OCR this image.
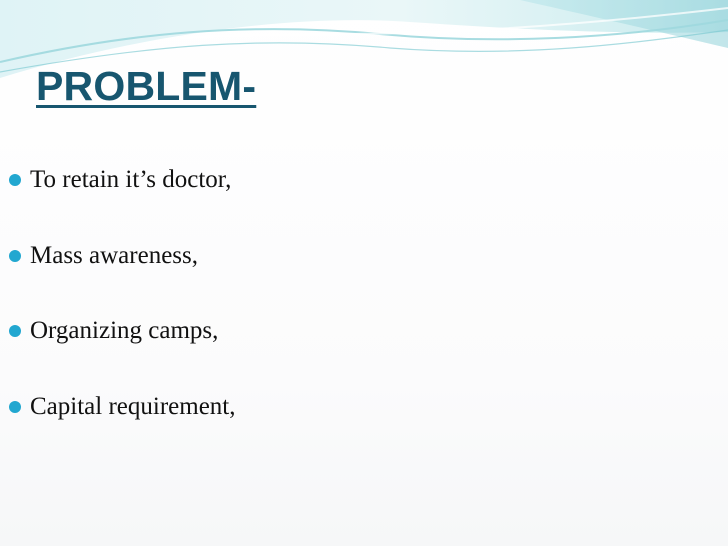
PROBLEM-
To retain it’s doctor,
Mass awareness,
Organizing camps,
Capital requirement,
